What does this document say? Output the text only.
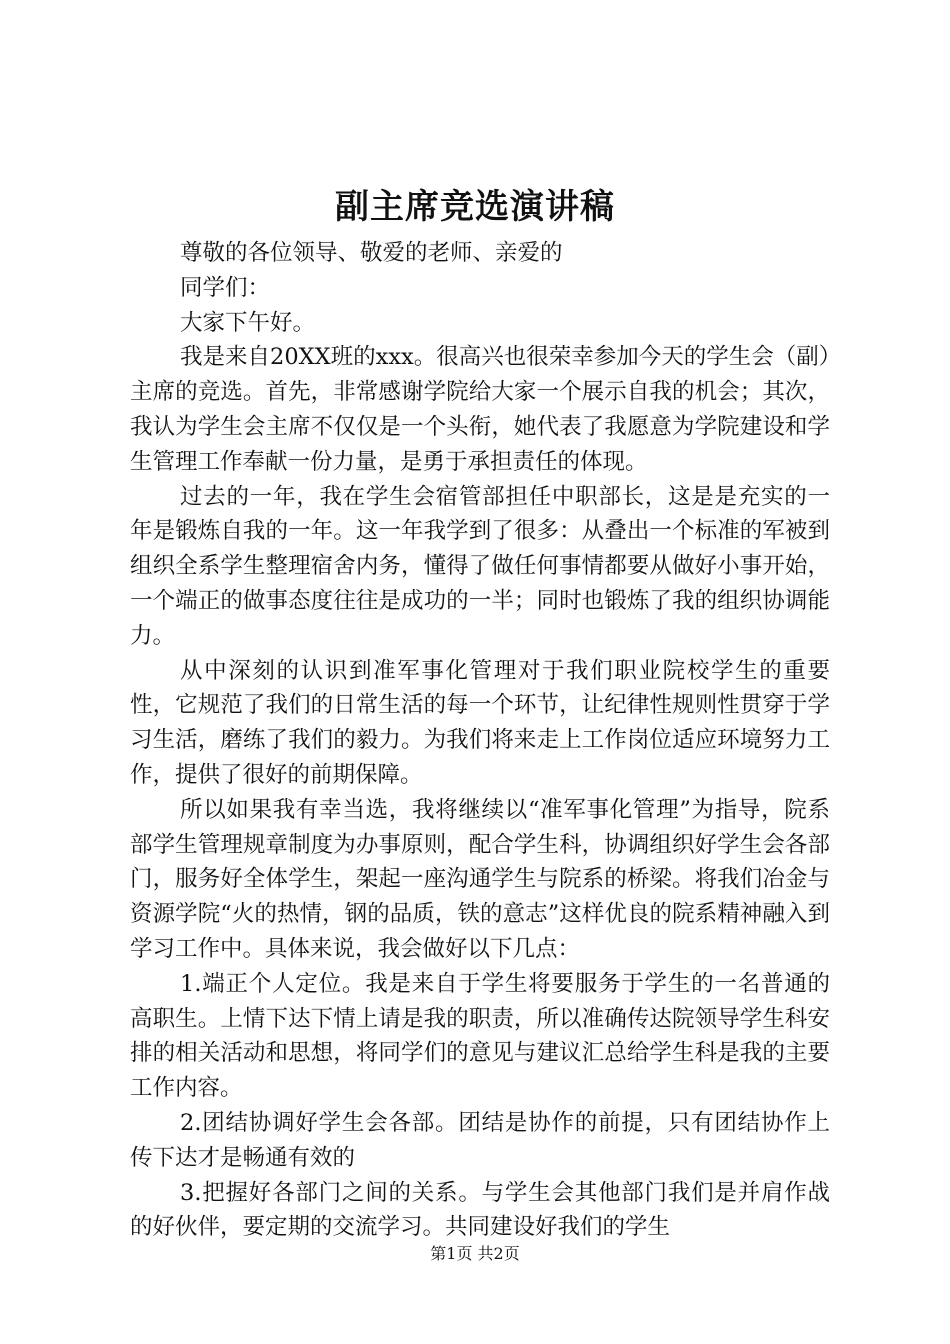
副主席竞选演讲稿

尊敬的各位领导、敬爱的老师、亲爱的

同学们：

大家下午好。

我是来自20XX班的xxx。很高兴也很荣幸参加今天的学生会（副）主席的竞选。首先，非常感谢学院给大家一个展示自我的机会；其次，我认为学生会主席不仅仅是一个头衔，她代表了我愿意为学院建设和学生管理工作奉献一份力量，是勇于承担责任的体现。

过去的一年，我在学生会宿管部担任中职部长，这是是充实的一年是锻炼自我的一年。这一年我学到了很多：从叠出一个标准的军被到组织全系学生整理宿舍内务，懂得了做任何事情都要从做好小事开始，一个端正的做事态度往往是成功的一半；同时也锻炼了我的组织协调能力。

从中深刻的认识到准军事化管理对于我们职业院校学生的重要性，它规范了我们的日常生活的每一个环节，让纪律性规则性贯穿于学习生活，磨练了我们的毅力。为我们将来走上工作岗位适应环境努力工作，提供了很好的前期保障。

所以如果我有幸当选，我将继续以“准军事化管理”为指导，院系部学生管理规章制度为办事原则，配合学生科，协调组织好学生会各部门，服务好全体学生，架起一座沟通学生与院系的桥梁。将我们冶金与资源学院“火的热情，钢的品质，铁的意志”这样优良的院系精神融入到学习工作中。具体来说，我会做好以下几点：

1.端正个人定位。我是来自于学生将要服务于学生的一名普通的高职生。上情下达下情上请是我的职责，所以准确传达院领导学生科安排的相关活动和思想，将同学们的意见与建议汇总给学生科是我的主要工作内容。

2.团结协调好学生会各部。团结是协作的前提，只有团结协作上传下达才是畅通有效的

3.把握好各部门之间的关系。与学生会其他部门我们是并肩作战的好伙伴，要定期的交流学习。共同建设好我们的学生

第1页 共2页
